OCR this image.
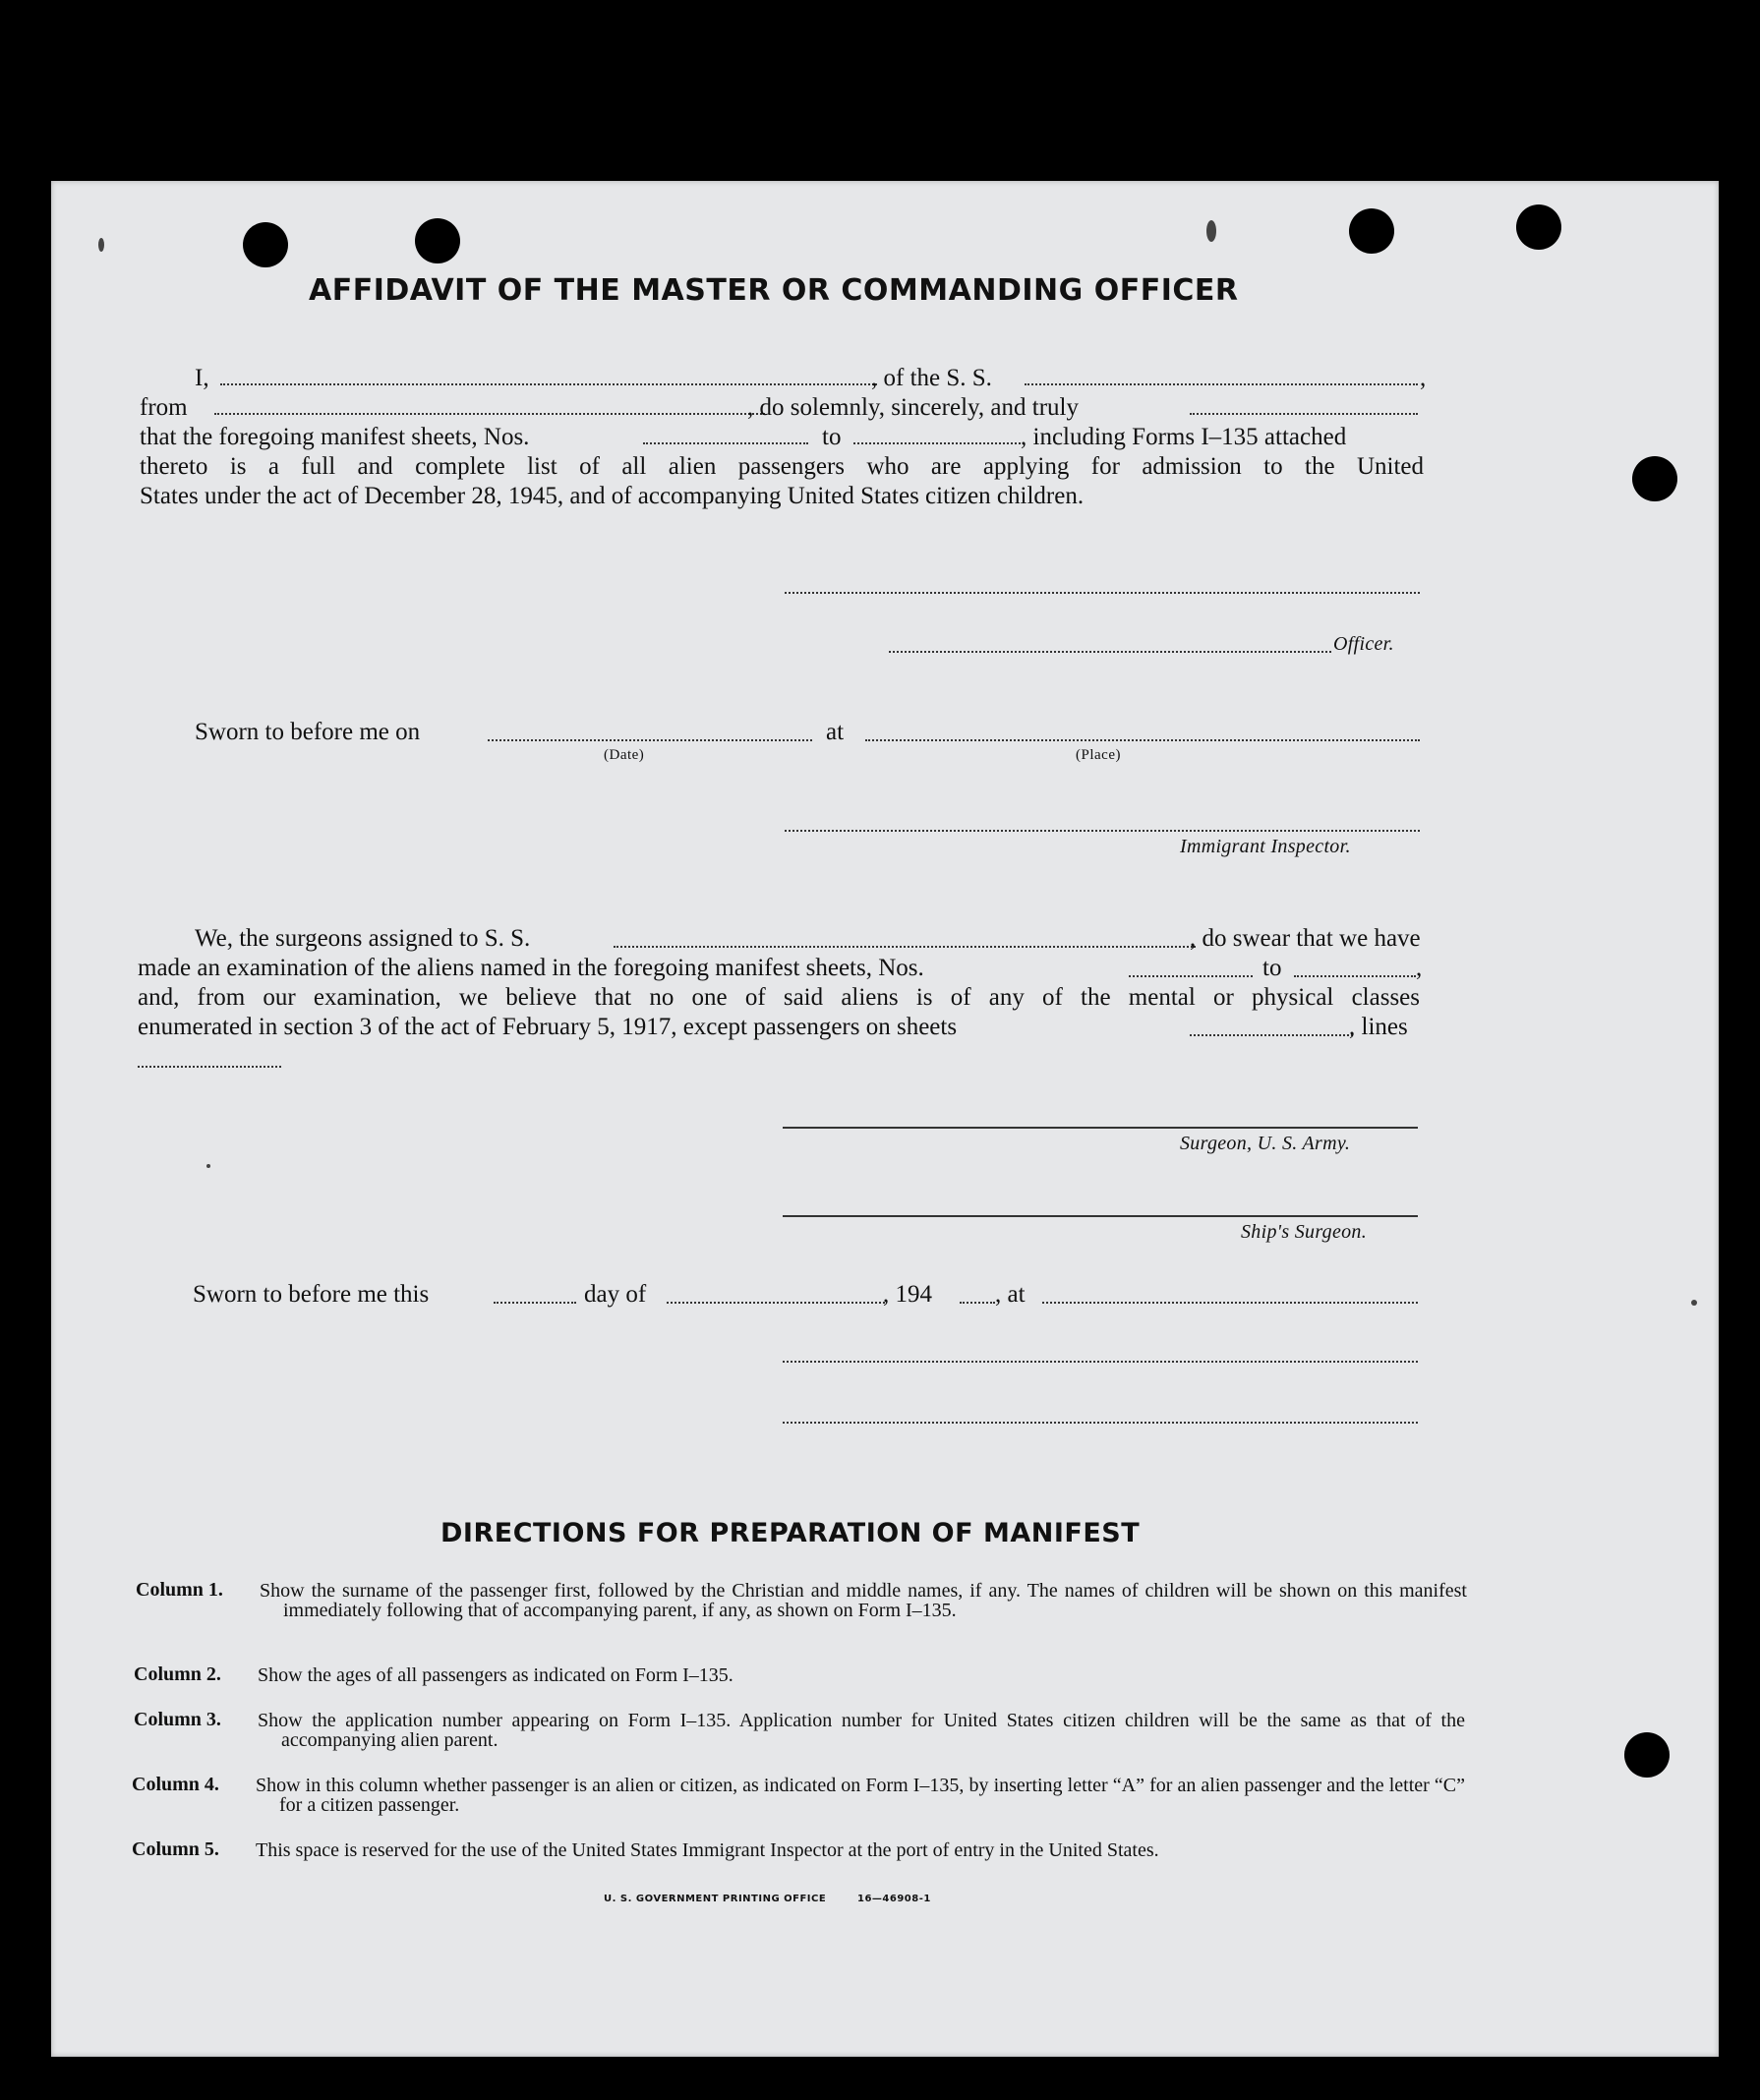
AFFIDAVIT OF THE MASTER OR COMMANDING OFFICER
I,	, of the S. S.	,
from	, do solemnly, sincerely, and truly
that the foregoing manifest sheets, Nos.	to	, including Forms I–135 attached
thereto is a full and complete list of all alien passengers who are applying for admission to the United
States under the act of December 28, 1945, and of accompanying United States citizen children.
Officer.
Sworn to before me on	at
(Date)	(Place)
Immigrant Inspector.
We, the surgeons assigned to S. S.	, do swear that we have
made an examination of the aliens named in the foregoing manifest sheets, Nos.	to	,
and, from our examination, we believe that no one of said aliens is of any of the mental or physical classes
enumerated in section 3 of the act of February 5, 1917, except passengers on sheets	, lines
Surgeon, U. S. Army.
Ship's Surgeon.
Sworn to before me this	day of	, 194	, at
DIRECTIONS FOR PREPARATION OF MANIFEST
Column 1. Show the surname of the passenger first, followed by the Christian and middle names, if any. The names of children will be shown on this manifest immediately following that of accompanying parent, if any, as shown on Form I–135.
Column 2. Show the ages of all passengers as indicated on Form I–135.
Column 3. Show the application number appearing on Form I–135. Application number for United States citizen children will be the same as that of the accompanying alien parent.
Column 4. Show in this column whether passenger is an alien or citizen, as indicated on Form I–135, by inserting letter “A” for an alien passenger and the letter “C” for a citizen passenger.
Column 5. This space is reserved for the use of the United States Immigrant Inspector at the port of entry in the United States.
U. S. GOVERNMENT PRINTING OFFICE	16—46908-1
